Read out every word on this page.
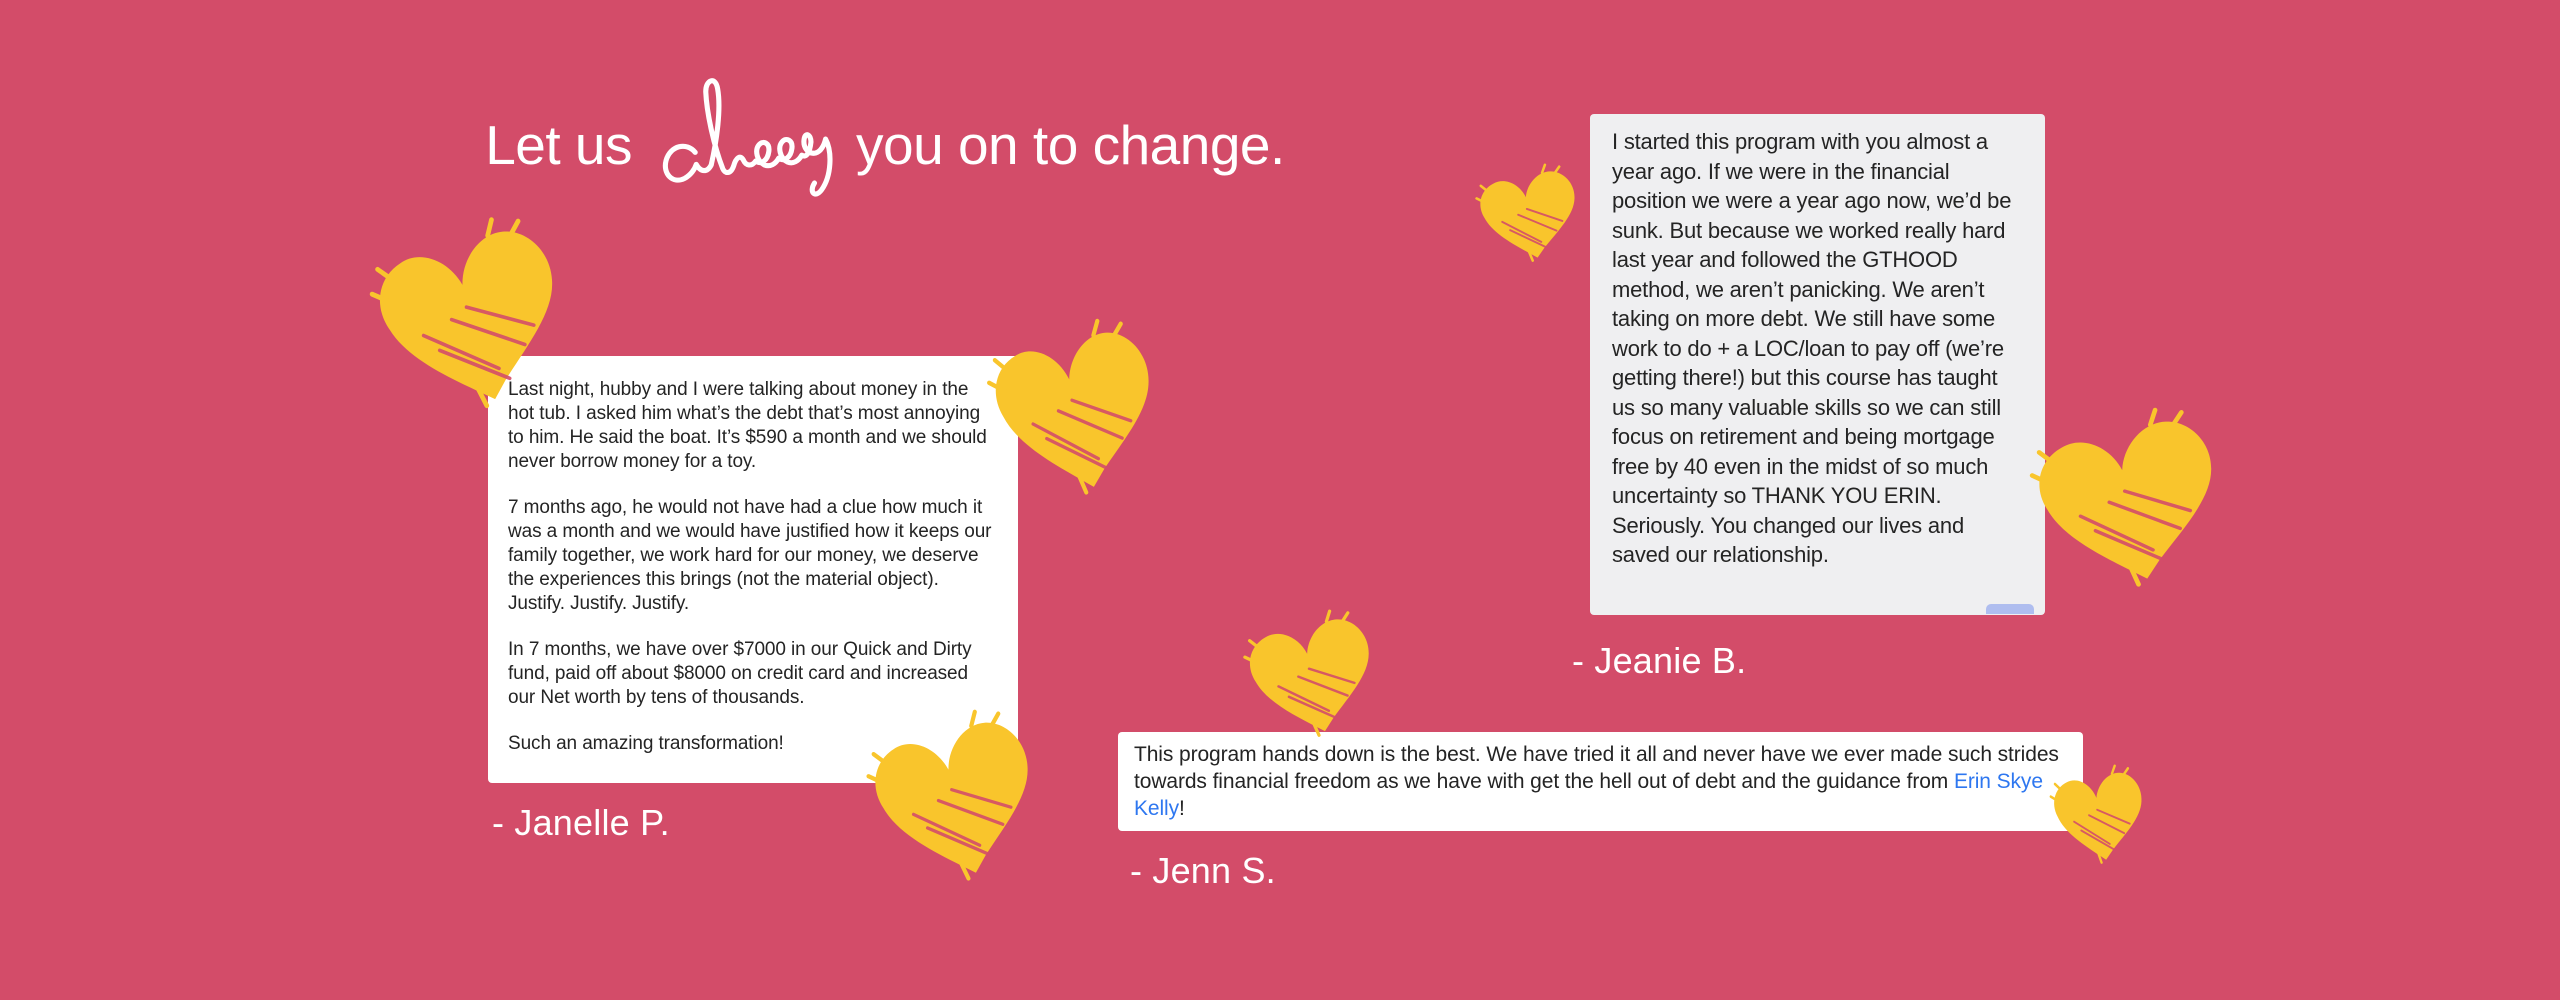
Let us	you on to change.

Last night, hubby and I were talking about money in the hot tub. I asked him what’s the debt that’s most annoying to him. He said the boat. It’s $590 a month and we should never borrow money for a toy.

7 months ago, he would not have had a clue how much it was a month and we would have justified how it keeps our family together, we work hard for our money, we deserve the experiences this brings (not the material object). Justify. Justify. Justify.

In 7 months, we have over $7000 in our Quick and Dirty fund, paid off about $8000 on credit card and increased our Net worth by tens of thousands.

Such an amazing transformation!

- Janelle P.

I started this program with you almost a year ago. If we were in the financial position we were a year ago now, we’d be sunk. But because we worked really hard last year and followed the GTHOOD method, we aren’t panicking. We aren’t taking on more debt. We still have some work to do + a LOC/loan to pay off (we’re getting there!) but this course has taught us so many valuable skills so we can still focus on retirement and being mortgage free by 40 even in the midst of so much uncertainty so THANK YOU ERIN. Seriously. You changed our lives and saved our relationship.

- Jeanie B.

This program hands down is the best. We have tried it all and never have we ever made such strides towards financial freedom as we have with get the hell out of debt and the guidance from Erin Skye Kelly!

- Jenn S.
